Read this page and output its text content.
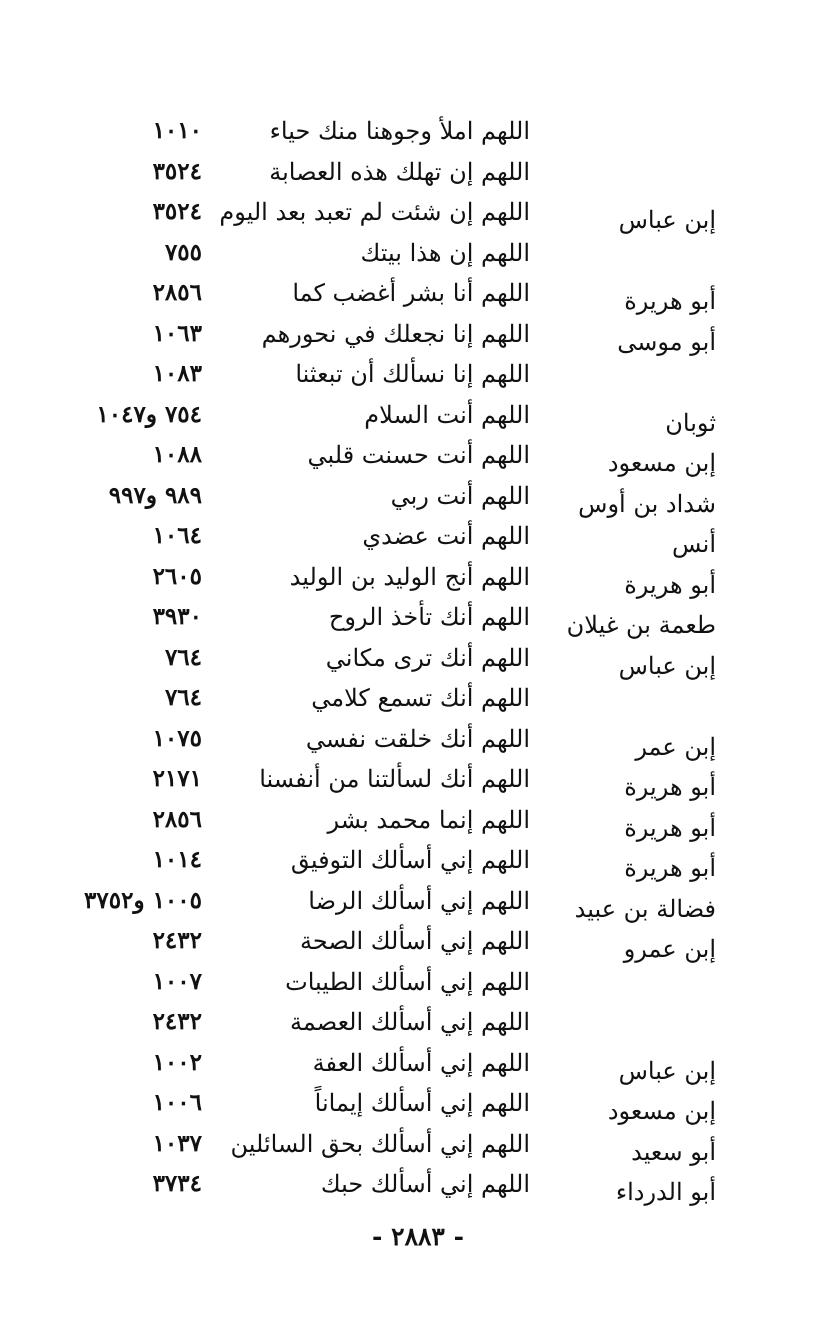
اللهم املأ وجوهنا منك حياء
١٠١٠
اللهم إن تهلك هذه العصابة
٣٥٢٤
إبن عباس
اللهم إن شئت لم تعبد بعد اليوم
٣٥٢٤
اللهم إن هذا بيتك
٧٥٥
أبو هريرة
اللهم أنا بشر أغضب كما
٢٨٥٦
أبو موسى
اللهم إنا نجعلك في نحورهم
١٠٦٣
اللهم إنا نسألك أن تبعثنا
١٠٨٣
ثوبان
اللهم أنت السلام
٧٥٤ و١٠٤٧
إبن مسعود
اللهم أنت حسنت قلبي
١٠٨٨
شداد بن أوس
اللهم أنت ربي
٩٨٩ و٩٩٧
أنس
اللهم أنت عضدي
١٠٦٤
أبو هريرة
اللهم أنج الوليد بن الوليد
٢٦٠٥
طعمة بن غيلان
اللهم أنك تأخذ الروح
٣٩٣٠
إبن عباس
اللهم أنك ترى مكاني
٧٦٤
اللهم أنك تسمع كلامي
٧٦٤
إبن عمر
اللهم أنك خلقت نفسي
١٠٧٥
أبو هريرة
اللهم أنك لسألتنا من أنفسنا
٢١٧١
أبو هريرة
اللهم إنما محمد بشر
٢٨٥٦
أبو هريرة
اللهم إني أسألك التوفيق
١٠١٤
فضالة بن عبيد
اللهم إني أسألك الرضا
١٠٠٥ و٣٧٥٢
إبن عمرو
اللهم إني أسألك الصحة
٢٤٣٢
اللهم إني أسألك الطيبات
١٠٠٧
اللهم إني أسألك العصمة
٢٤٣٢
إبن عباس
اللهم إني أسألك العفة
١٠٠٢
إبن مسعود
اللهم إني أسألك إيماناً
١٠٠٦
أبو سعيد
اللهم إني أسألك بحق السائلين
١٠٣٧
أبو الدرداء
اللهم إني أسألك حبك
٣٧٣٤
- ٢٨٨٣ -
